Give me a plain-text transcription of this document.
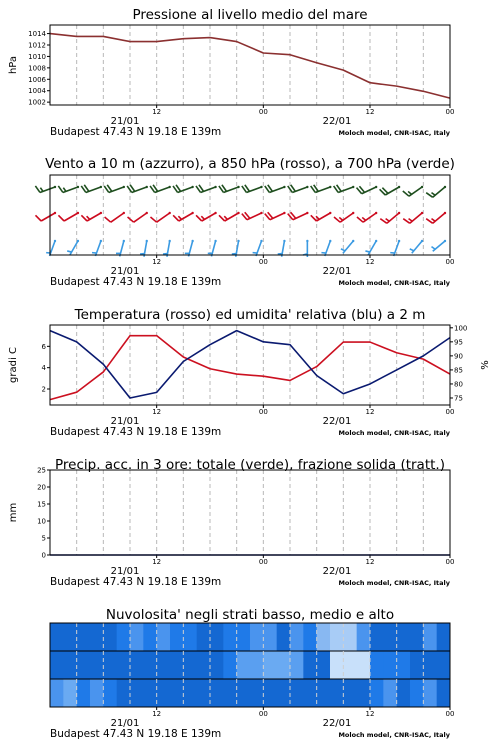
Pressione al livello medio del mare
12	00	12	00
21/01	22/01
Budapest 47.43 N 19.18 E 139m	Moloch model, CNR-ISAC, Italy
1002
1004
1006
1008
1010
1012
1014
hPa
Vento a 10 m (azzurro), a 850 hPa (rosso), a 700 hPa (verde)
12	00	12	00
21/01	22/01
Budapest 47.43 N 19.18 E 139m	Moloch model, CNR-ISAC, Italy
Temperatura (rosso) ed umidita' relativa (blu) a 2 m
12	00	12	00
21/01	22/01
Budapest 47.43 N 19.18 E 139m	Moloch model, CNR-ISAC, Italy
2
4
6
gradi C
75
80
85
90
95
100
%
Precip. acc. in 3 ore: totale (verde), frazione solida (tratt.)
12	00	12	00
21/01	22/01
Budapest 47.43 N 19.18 E 139m	Moloch model, CNR-ISAC, Italy
0
5
10
15
20
25
mm
Nuvolosita' negli strati basso, medio e alto
12	00	12	00
21/01	22/01
Budapest 47.43 N 19.18 E 139m	Moloch model, CNR-ISAC, Italy
